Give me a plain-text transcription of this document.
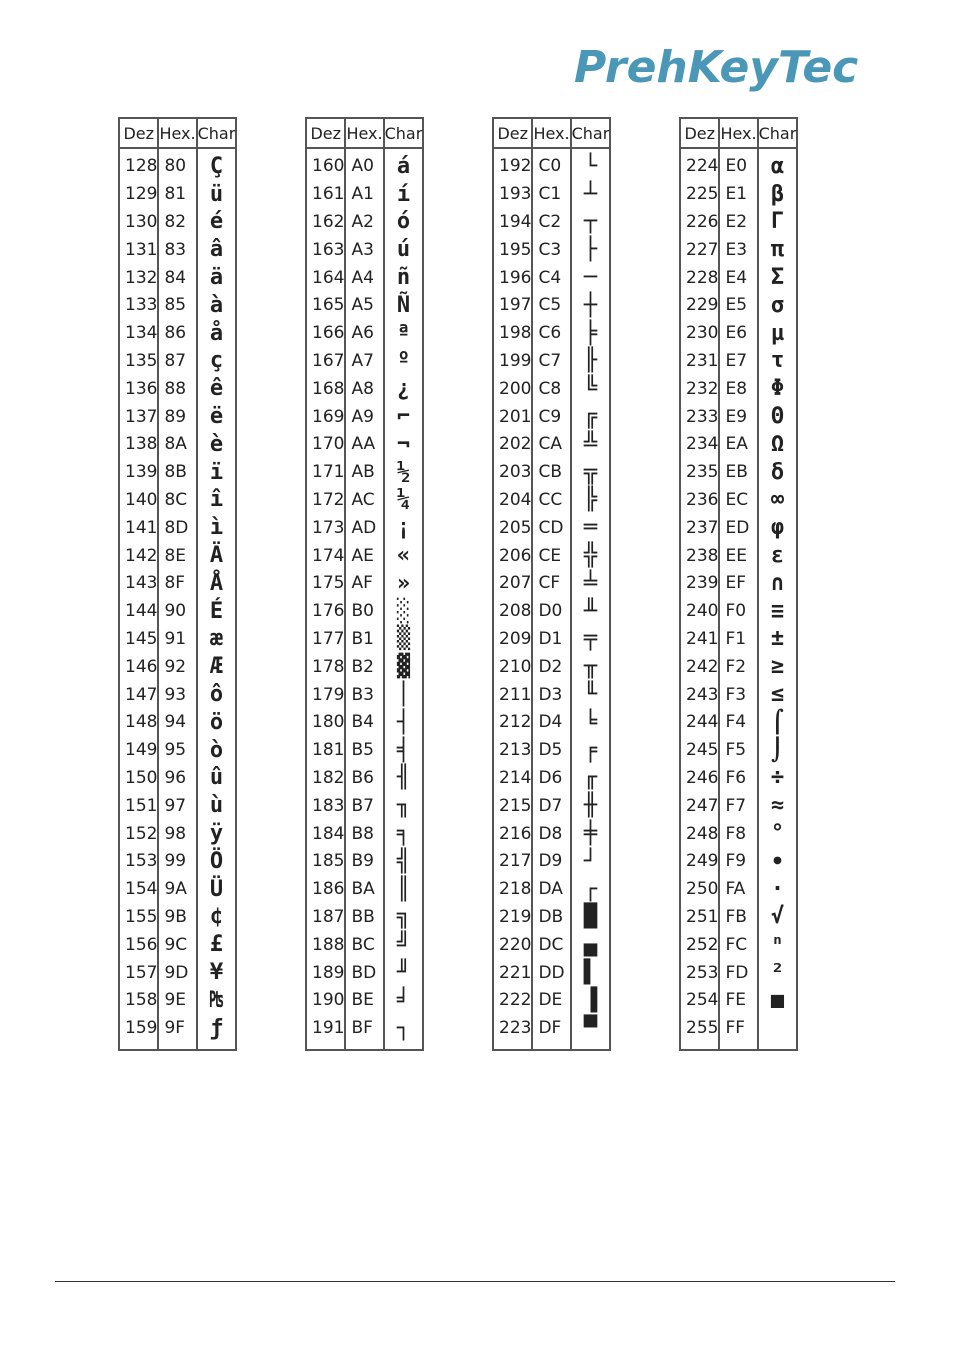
PrehKeyTec
Dez	Hex.	Char
128	80	Ç
129	81	ü
130	82	é
131	83	â
132	84	ä
133	85	à
134	86	å
135	87	ç
136	88	ê
137	89	ë
138	8A	è
139	8B	ï
140	8C	î
141	8D	ì
142	8E	Ä
143	8F	Å
144	90	É
145	91	æ
146	92	Æ
147	93	ô
148	94	ö
149	95	ò
150	96	û
151	97	ù
152	98	ÿ
153	99	Ö
154	9A	Ü
155	9B	¢
156	9C	£
157	9D	¥
158	9E	₧
159	9F	ƒ
Dez	Hex.	Char
160	A0	á
161	A1	í
162	A2	ó
163	A3	ú
164	A4	ñ
165	A5	Ñ
166	A6	ª
167	A7	º
168	A8	¿
169	A9	⌐
170	AA	¬
171	AB	½
172	AC	¼
173	AD	¡
174	AE	«
175	AF	»
176	B0	░
177	B1	▒
178	B2	▓
179	B3	│
180	B4	┤
181	B5	╡
182	B6	╢
183	B7	╖
184	B8	╕
185	B9	╣
186	BA	║
187	BB	╗
188	BC	╝
189	BD	╜
190	BE	╛
191	BF	┐
Dez	Hex.	Char
192	C0	└
193	C1	┴
194	C2	┬
195	C3	├
196	C4	─
197	C5	┼
198	C6	╞
199	C7	╟
200	C8	╚
201	C9	╔
202	CA	╩
203	CB	╦
204	CC	╠
205	CD	═
206	CE	╬
207	CF	╧
208	D0	╨
209	D1	╤
210	D2	╥
211	D3	╙
212	D4	╘
213	D5	╒
214	D6	╓
215	D7	╫
216	D8	╪
217	D9	┘
218	DA	┌
219	DB	█
220	DC	▄
221	DD	▌
222	DE	▐
223	DF	▀
Dez	Hex.	Char
224	E0	α
225	E1	β
226	E2	Γ
227	E3	π
228	E4	Σ
229	E5	σ
230	E6	µ
231	E7	τ
232	E8	Φ
233	E9	Θ
234	EA	Ω
235	EB	δ
236	EC	∞
237	ED	φ
238	EE	ε
239	EF	∩
240	F0	≡
241	F1	±
242	F2	≥
243	F3	≤
244	F4	⌠
245	F5	⌡
246	F6	÷
247	F7	≈
248	F8	°
249	F9	∙
250	FA	·
251	FB	√
252	FC	ⁿ
253	FD	²
254	FE	■
255	FF	
